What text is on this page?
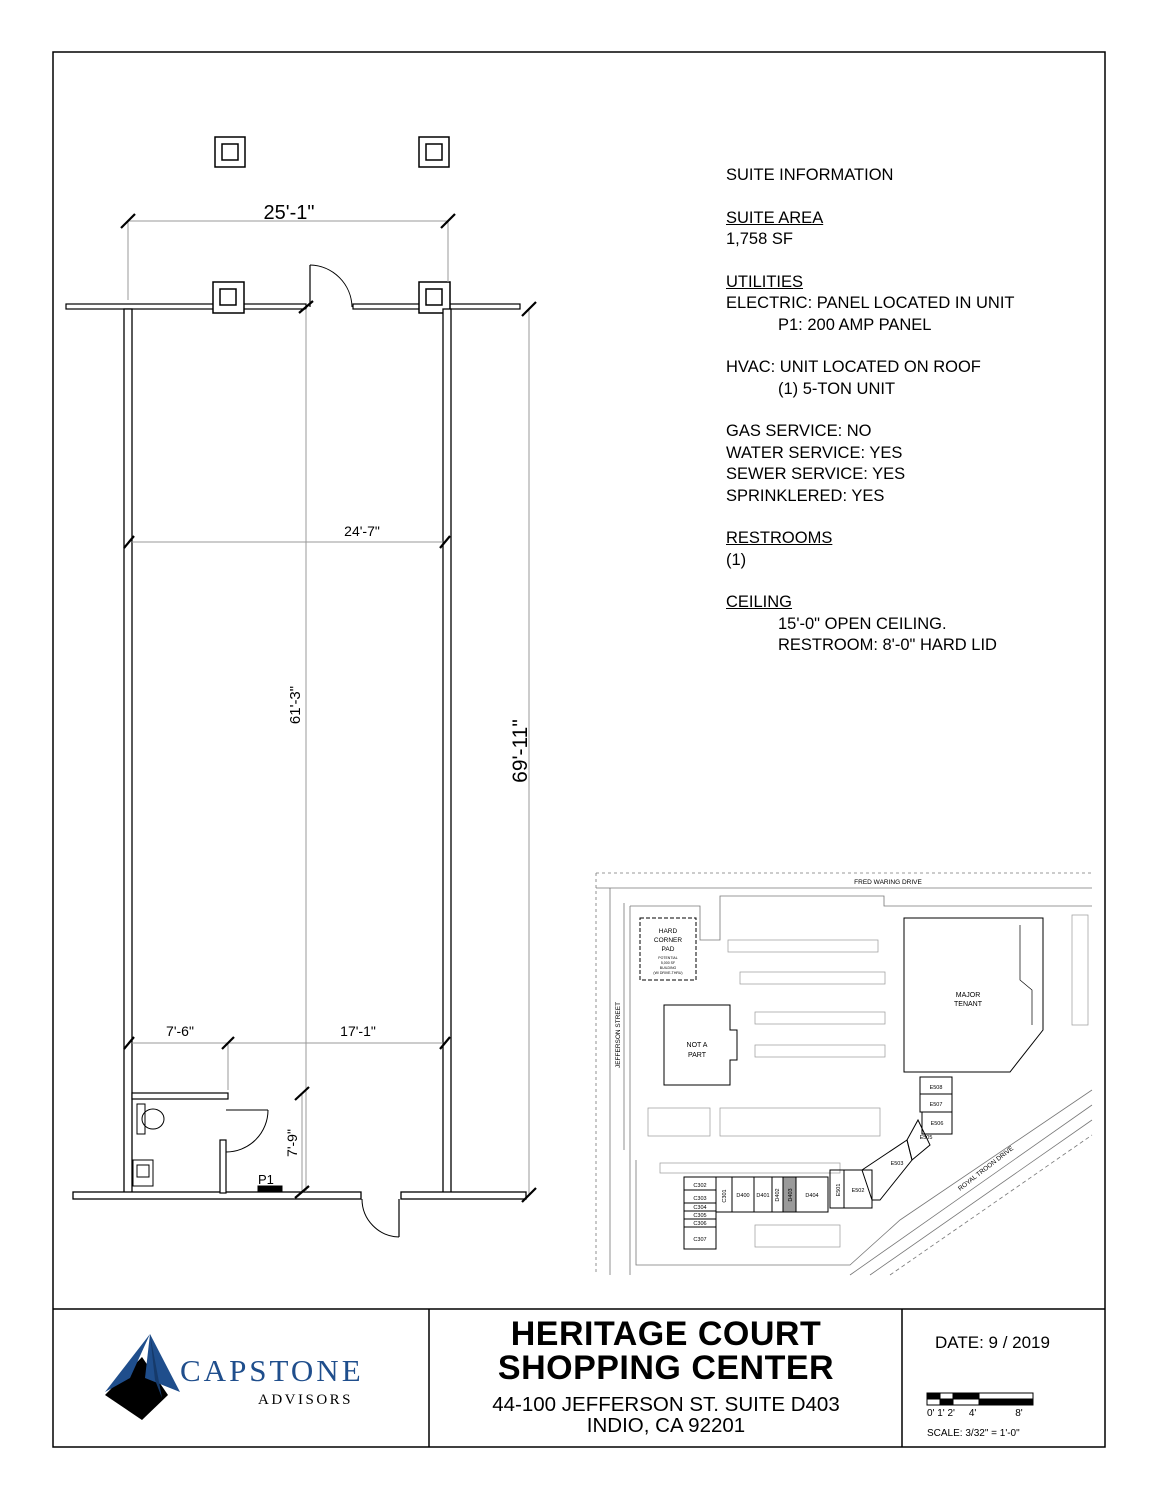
25'-1"
24'-7"
61'-3"
69'-11"
7'-6"	17'-1"
7'-9"
P1
HARD
CORNER
PAD
POTENTIAL
5,000 SF
BUILDING
(W/ DRIVE-THRU)
NOT A
PART
MAJOR
TENANT
C302
C303
C304
C305
C306
C307
C301 D400 D401 D402 D403 D404	E501 E502
E503
E505
E506
E507
E508
FRED WARING DRIVE
JEFFERSON STREET
ROYAL TROON DRIVE
CAPSTONE
ADVISORS
SUITE INFORMATION
SUITE AREA
1,758 SF
UTILITIES
ELECTRIC: PANEL LOCATED IN UNIT
P1: 200 AMP PANEL
HVAC: UNIT LOCATED ON ROOF
(1) 5-TON UNIT
GAS SERVICE: NO
WATER SERVICE: YES
SEWER SERVICE: YES
SPRINKLERED: YES
RESTROOMS
(1)
CEILING
15'-0" OPEN CEILING.
RESTROOM: 8'-0" HARD LID
HERITAGE COURT
SHOPPING CENTER
44-100 JEFFERSON ST. SUITE D403
INDIO, CA 92201
DATE: 9 / 2019
0' 1' 2'     4'              8'
SCALE: 3/32" = 1'-0"
